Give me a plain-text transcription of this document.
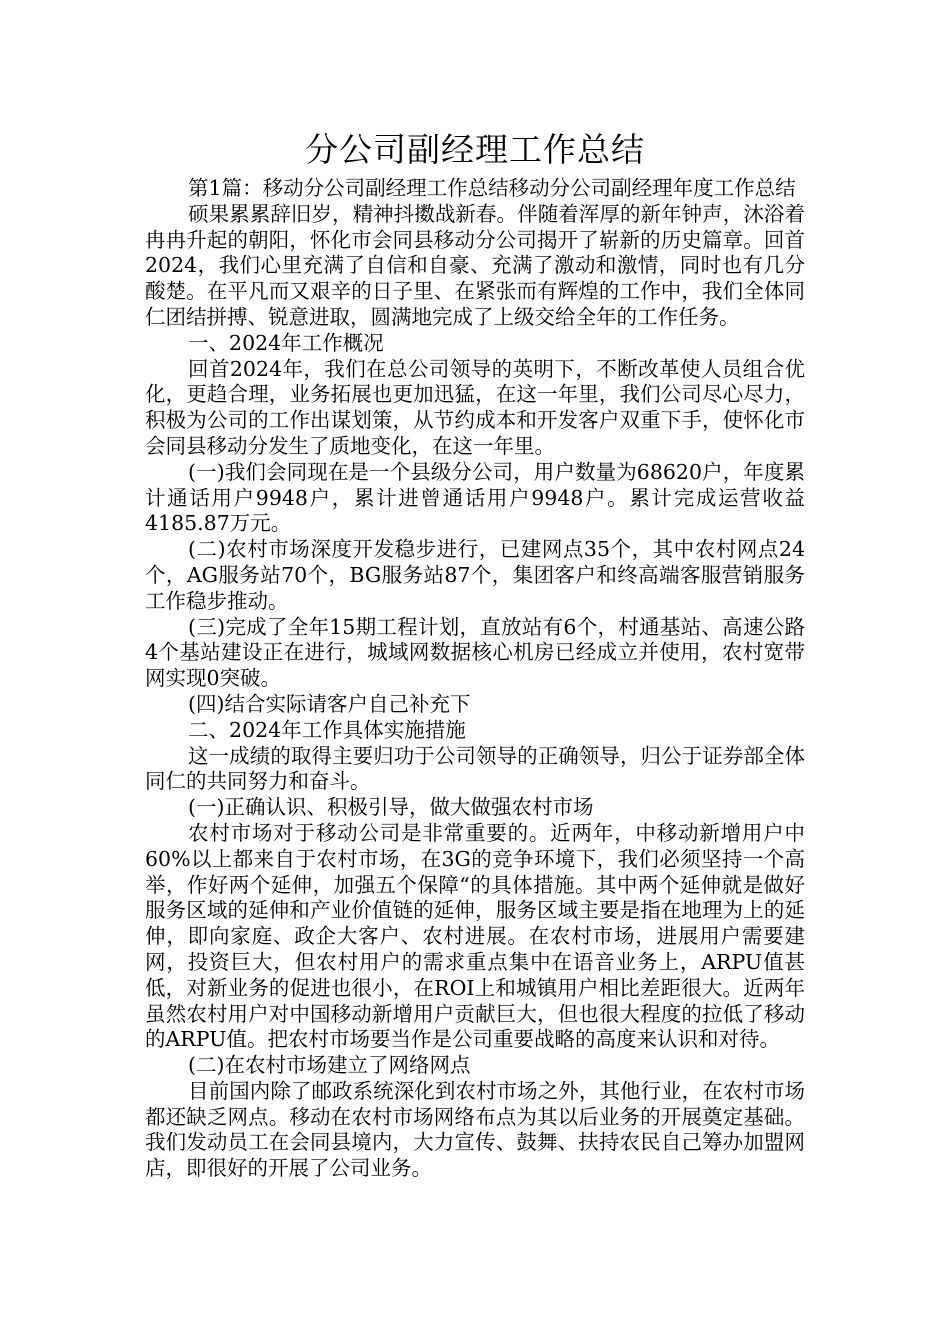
分公司副经理工作总结

第1篇：移动分公司副经理工作总结移动分公司副经理年度工作总结

硕果累累辞旧岁，精神抖擞战新春。伴随着浑厚的新年钟声，沐浴着冉冉升起的朝阳，怀化市会同县移动分公司揭开了崭新的历史篇章。回首2024，我们心里充满了自信和自豪、充满了激动和激情，同时也有几分酸楚。在平凡而又艰辛的日子里、在紧张而有辉煌的工作中，我们全体同仁团结拼搏、锐意进取，圆满地完成了上级交给全年的工作任务。

一、2024年工作概况

回首2024年，我们在总公司领导的英明下，不断改革使人员组合优化，更趋合理，业务拓展也更加迅猛，在这一年里，我们公司尽心尽力，积极为公司的工作出谋划策，从节约成本和开发客户双重下手，使怀化市会同县移动分发生了质地变化，在这一年里。

(一)我们会同现在是一个县级分公司，用户数量为68620户，年度累计通话用户9948户，累计进曾通话用户9948户。累计完成运营收益4185.87万元。

(二)农村市场深度开发稳步进行，已建网点35个，其中农村网点24个，AG服务站70个，BG服务站87个，集团客户和终高端客服营销服务工作稳步推动。

(三)完成了全年15期工程计划，直放站有6个，村通基站、高速公路4个基站建设正在进行，城域网数据核心机房已经成立并使用，农村宽带网实现0突破。

(四)结合实际请客户自己补充下

二、2024年工作具体实施措施

这一成绩的取得主要归功于公司领导的正确领导，归公于证券部全体同仁的共同努力和奋斗。

(一)正确认识、积极引导，做大做强农村市场

农村市场对于移动公司是非常重要的。近两年，中移动新增用户中60%以上都来自于农村市场，在3G的竞争环境下，我们必须坚持一个高举，作好两个延伸，加强五个保障“的具体措施。其中两个延伸就是做好服务区域的延伸和产业价值链的延伸，服务区域主要是指在地理为上的延伸，即向家庭、政企大客户、农村进展。在农村市场，进展用户需要建网，投资巨大，但农村用户的需求重点集中在语音业务上，ARPU值甚低，对新业务的促进也很小，在ROI上和城镇用户相比差距很大。近两年虽然农村用户对中国移动新增用户贡献巨大，但也很大程度的拉低了移动的ARPU值。把农村市场要当作是公司重要战略的高度来认识和对待。

(二)在农村市场建立了网络网点

目前国内除了邮政系统深化到农村市场之外，其他行业，在农村市场都还缺乏网点。移动在农村市场网络布点为其以后业务的开展奠定基础。我们发动员工在会同县境内，大力宣传、鼓舞、扶持农民自己筹办加盟网店，即很好的开展了公司业务。
